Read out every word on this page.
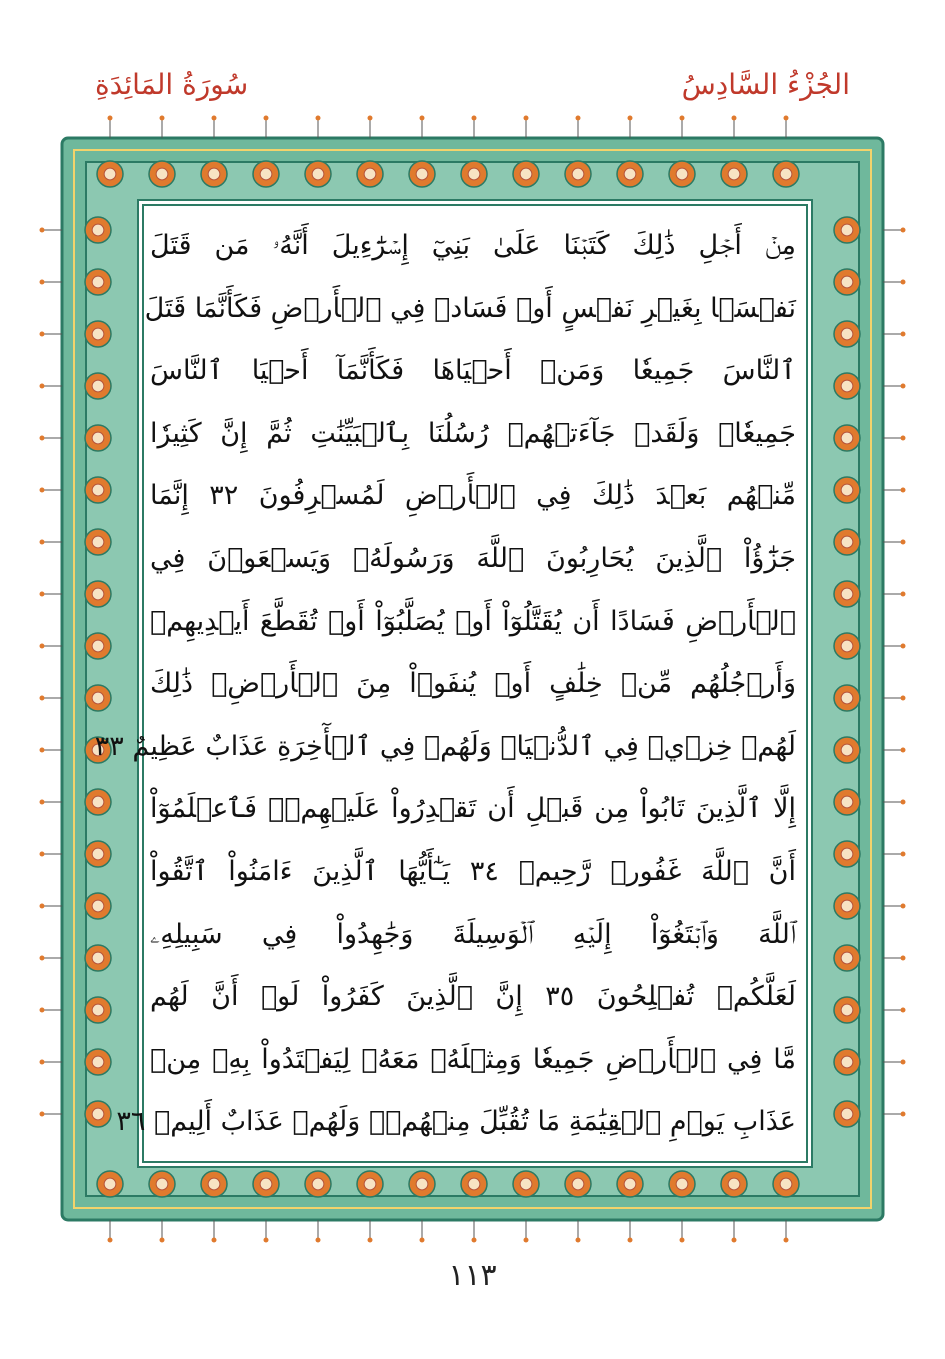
سُورَةُ المَائِدَةِ	الجُزْءُ السَّادِسُ
مِنۡ أَجۡلِ ذَٰلِكَ كَتَبۡنَا عَلَىٰ بَنِيٓ إِسۡرَٰٓءِيلَ أَنَّهُۥ مَن قَتَلَ
نَفۡسَۢا بِغَيۡرِ نَفۡسٍ أَوۡ فَسَادٖ فِي ٱلۡأَرۡضِ فَكَأَنَّمَا قَتَلَ
ٱلنَّاسَ جَمِيعٗا وَمَنۡ أَحۡيَاهَا فَكَأَنَّمَآ أَحۡيَا ٱلنَّاسَ
جَمِيعٗاۚ وَلَقَدۡ جَآءَتۡهُمۡ رُسُلُنَا بِٱلۡبَيِّنَٰتِ ثُمَّ إِنَّ كَثِيرٗا
مِّنۡهُم بَعۡدَ ذَٰلِكَ فِي ٱلۡأَرۡضِ لَمُسۡرِفُونَ ٣٢ إِنَّمَا
جَزَٰٓؤُاْ ٱلَّذِينَ يُحَارِبُونَ ٱللَّهَ وَرَسُولَهُۥ وَيَسۡعَوۡنَ فِي
ٱلۡأَرۡضِ فَسَادًا أَن يُقَتَّلُوٓاْ أَوۡ يُصَلَّبُوٓاْ أَوۡ تُقَطَّعَ أَيۡدِيهِمۡ
وَأَرۡجُلُهُم مِّنۡ خِلَٰفٍ أَوۡ يُنفَوۡاْ مِنَ ٱلۡأَرۡضِۚ ذَٰلِكَ
لَهُمۡ خِزۡيٞ فِي ٱلدُّنۡيَاۖ وَلَهُمۡ فِي ٱلۡأٓخِرَةِ عَذَابٌ عَظِيمٌ ٣٣
إِلَّا ٱلَّذِينَ تَابُواْ مِن قَبۡلِ أَن تَقۡدِرُواْ عَلَيۡهِمۡۖ فَٱعۡلَمُوٓاْ
أَنَّ ٱللَّهَ غَفُورٞ رَّحِيمٞ ٣٤ يَـٰٓأَيُّهَا ٱلَّذِينَ ءَامَنُواْ ٱتَّقُواْ
ٱللَّهَ وَٱبۡتَغُوٓاْ إِلَيۡهِ ٱلۡوَسِيلَةَ وَجَٰهِدُواْ فِي سَبِيلِهِۦ
لَعَلَّكُمۡ تُفۡلِحُونَ ٣٥ إِنَّ ٱلَّذِينَ كَفَرُواْ لَوۡ أَنَّ لَهُم
مَّا فِي ٱلۡأَرۡضِ جَمِيعٗا وَمِثۡلَهُۥ مَعَهُۥ لِيَفۡتَدُواْ بِهِۦ مِنۡ
عَذَابِ يَوۡمِ ٱلۡقِيَٰمَةِ مَا تُقُبِّلَ مِنۡهُمۡۖ وَلَهُمۡ عَذَابٌ أَلِيمٞ ٣٦
١١٣
